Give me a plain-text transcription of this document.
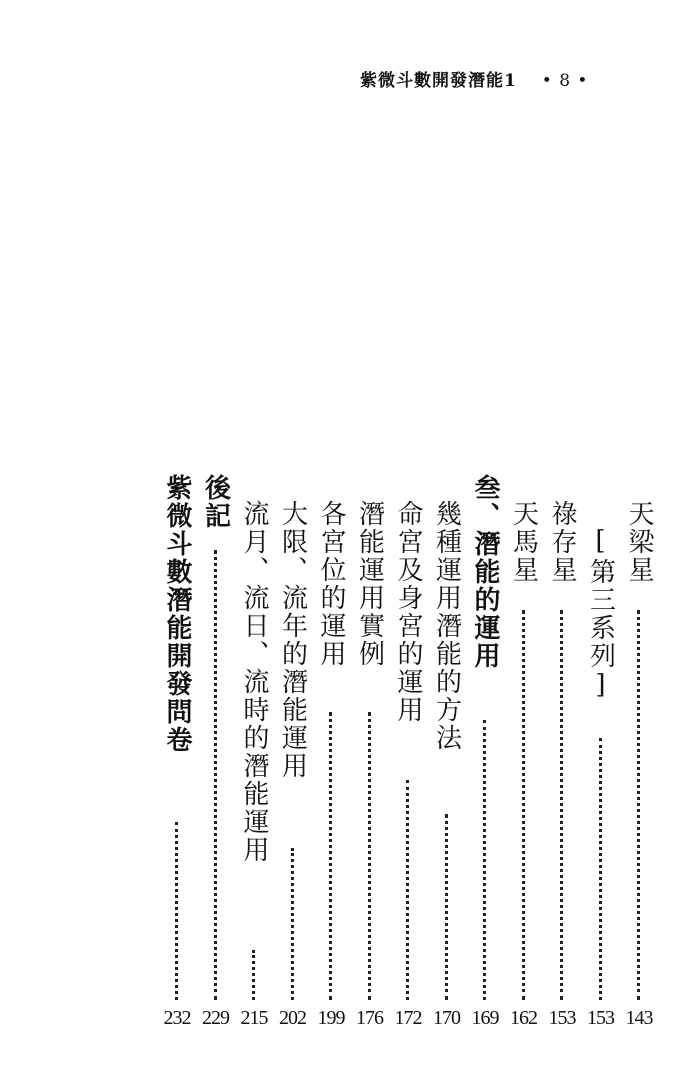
紫微斗數開發潛能1 • 8 •
天梁星
143
[第三系列]
153
祿存星
153
天馬星
162
叁、潛能的運用
169
幾種運用潛能的方法
170
命宮及身宮的運用
172
潛能運用實例
176
各宮位的運用
199
大限、流年的潛能運用
202
流月、流日、流時的潛能運用
215
後記
229
紫微斗數潛能開發問卷
232
